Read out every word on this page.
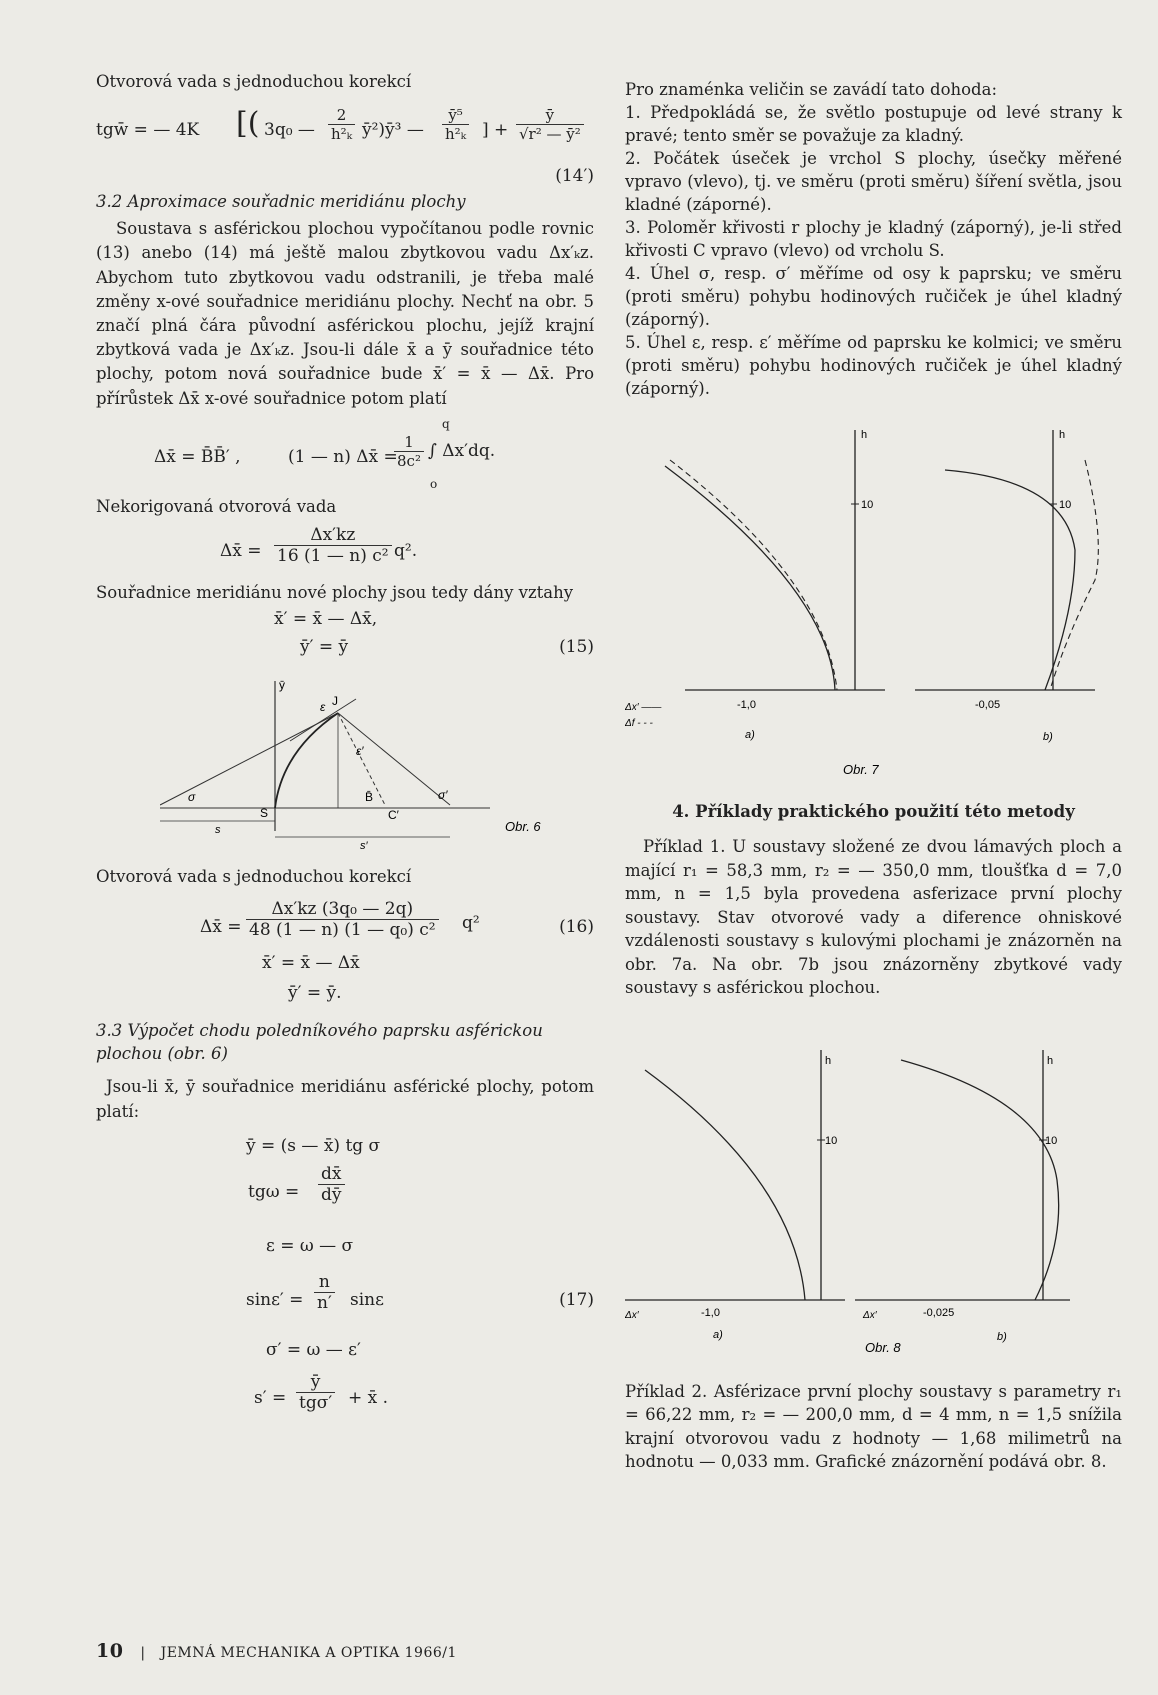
Otvorová vada s jednoduchou korekcí

tgw̄ = — 4K [( 3q₀ — $\frac{2}{\text{h²ₖ}}$ ȳ²)ȳ³ — $\frac{\text{ȳ⁵}}{\text{h²ₖ}}$ ] + $\frac{ȳ}{\text{√r² — ȳ²}}$
(14′)

3.2 Aproximace souřadnic meridiánu plochy

Soustava s asférickou plochou vypočítanou podle rovnic (13) anebo (14) má ještě malou zbytkovou vadu Δx′ₖz. Abychom tuto zbytkovou vadu odstranili, je třeba malé změny x-ové souřadnice meridiánu plochy. Nechť na obr. 5 značí plná čára původní asférickou plochu, jejíž krajní zbytková vada je Δx′ₖz. Jsou-li dále x̄ a ȳ souřadnice této plochy, potom nová souřadnice bude x̄′ = x̄ — Δx̄. Pro přírůstek Δx̄ x-ové souřadnice potom platí

Δx̄ = B̄B̄′ ,	(1 — n) Δx̄ =
$\frac{1}{\text{8c²}}$
q
o
∫ Δx′dq.

Nekorigovaná otvorová vada

Δx̄ = $\frac{\Delta x'kz}{\text{16 (1 — n) c²}} q^2$.

Souřadnice meridiánu nové plochy jsou tedy dány vztahy

x̄′ = x̄ — Δx̄,
ȳ′ = ȳ	(15)
ȳ
ε J
ε′
σ
S
s
B̄
C′
σ′
s′
Obr. 6

Otvorová vada s jednoduchou korekcí

Δx̄ = $\frac{\text{Δx′kz (3q₀ — 2q)}}{\text{48 (1 — n) (1 — q₀) c²}} q^2$	(16)
x̄′ = x̄ — Δx̄
ȳ′ = ȳ.

3.3 Výpočet chodu poledníkového paprsku asférickou plochou (obr. 6)

Jsou-li x̄, ȳ souřadnice meridiánu asférické plochy, potom platí:

ȳ = (s — x̄) tg σ
$tg\omega = \frac{dx̄}{dȳ}$
ε = ω — σ
$\sin\varepsilon' = \frac{n}{n'}$ sinε	(17)
σ′ = ω — ε′
s′ =
ȳ
tgσ′ + x̄ .

Pro znaménka veličin se zavádí tato dohoda:

1. Předpokládá se, že světlo postupuje od levé strany k pravé; tento směr se považuje za kladný.

2. Počátek úseček je vrchol S plochy, úsečky měřené vpravo (vlevo), tj. ve směru (proti směru) šíření světla, jsou kladné (záporné).

3. Poloměr křivosti r plochy je kladný (záporný), je-li střed křivosti C vpravo (vlevo) od vrcholu S.

4. Úhel σ, resp. σ′ měříme od osy k paprsku; ve směru (proti směru) pohybu hodinových ručiček je úhel kladný (záporný).

5. Úhel ε, resp. ε′ měříme od paprsku ke kolmici; ve směru (proti směru) pohybu hodinových ručiček je úhel kladný (záporný).

h
10
-1,0
Δx′ ——
Δf - - -
a)
h
10
-0,05
b)
Obr. 7

4. Příklady praktického použití této metody

Příklad 1. U soustavy složené ze dvou lámavých ploch a mající r₁ = 58,3 mm, r₂ = — 350,0 mm, tloušťka d = 7,0 mm, n = 1,5 byla provedena asferizace první plochy soustavy. Stav otvorové vady a diference ohniskové vzdálenosti soustavy s kulovými plochami je znázorněn na obr. 7a. Na obr. 7b jsou znázorněny zbytkové vady soustavy s asférickou plochou.

h
10
-1,0
Δx′
a)
h
10
-0,025
Δx′
b)
Obr. 8

Příklad 2. Asférizace první plochy soustavy s parametry r₁ = 66,22 mm, r₂ = — 200,0 mm, d = 4 mm, n = 1,5 snížila krajní otvorovou vadu z hodnoty — 1,68 milimetrů na hodnotu — 0,033 mm. Grafické znázornění podává obr. 8.

10 | JEMNÁ MECHANIKA A OPTIKA 1966/1
